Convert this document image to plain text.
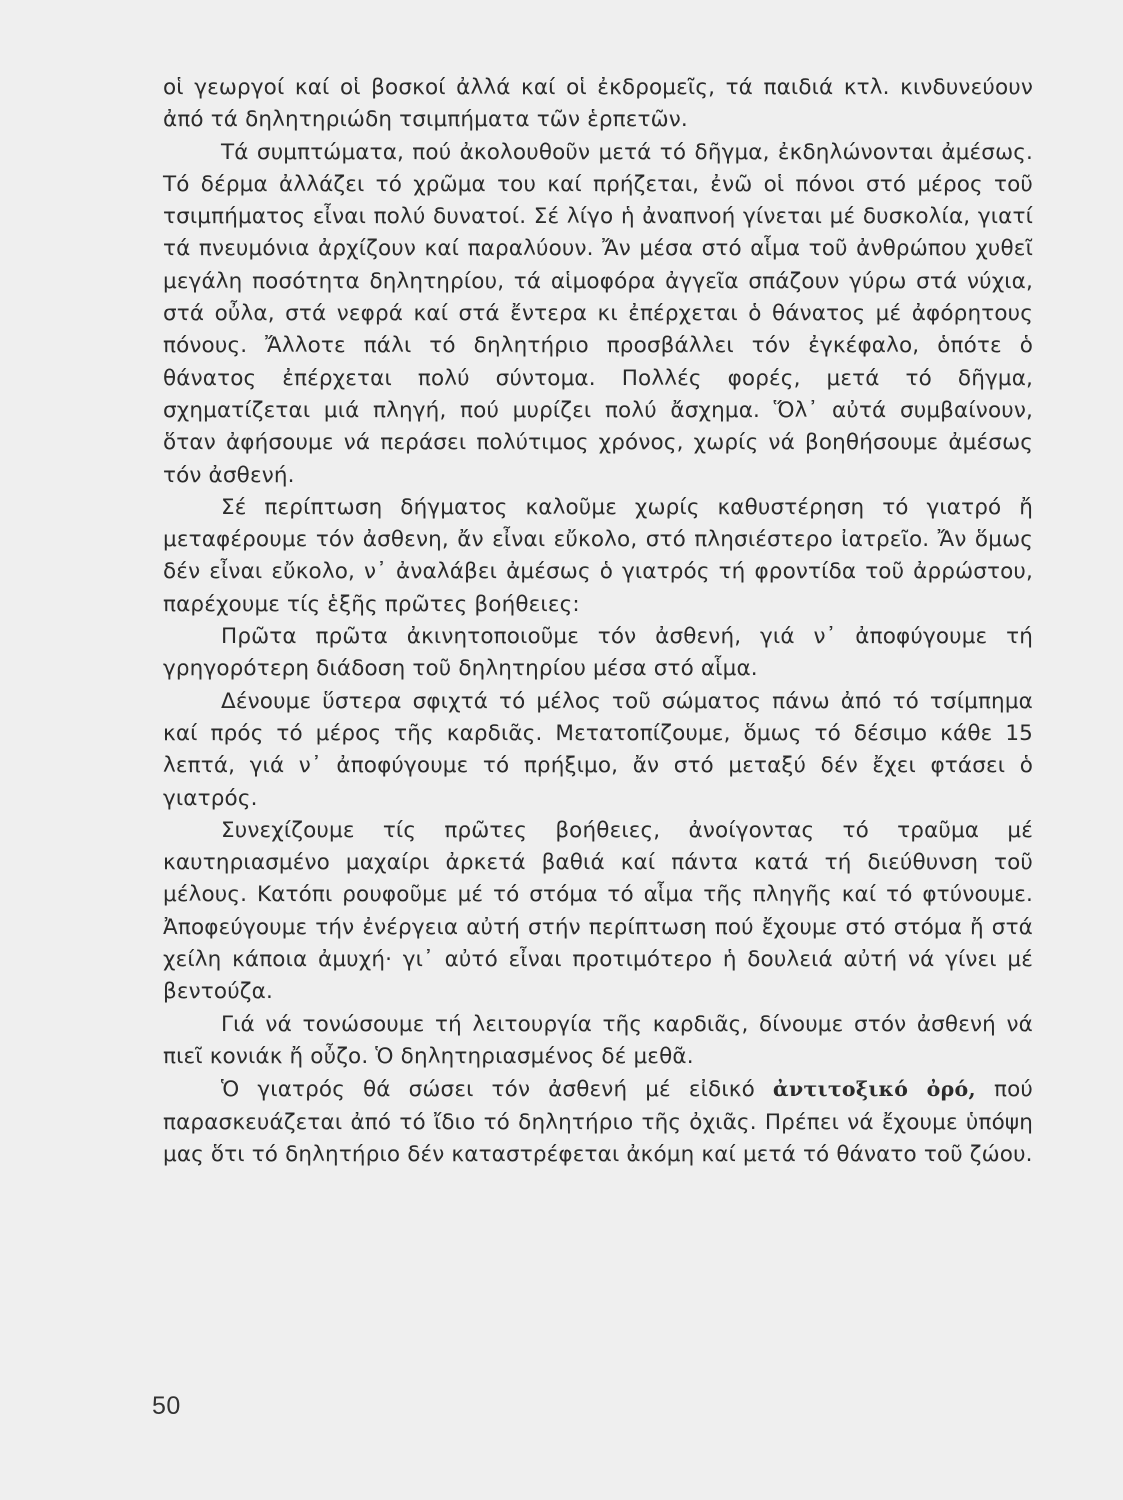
οἱ γεωργοί καί οἱ βοσκοί ἀλλά καί οἱ ἐκδρομεῖς, τά παιδιά κτλ. κινδυνεύουν ἀπό τά δηλητηριώδη τσιμπήματα τῶν ἑρπετῶν.

Τά συμπτώματα, πού ἀκολουθοῦν μετά τό δῆγμα, ἐκδηλώνονται ἀμέσως. Τό δέρμα ἀλλάζει τό χρῶμα του καί πρήζεται, ἐνῶ οἱ πόνοι στό μέρος τοῦ τσιμπήματος εἶναι πολύ δυνατοί. Σέ λίγο ἡ ἀναπνοή γίνεται μέ δυσκολία, γιατί τά πνευμόνια ἀρχίζουν καί παραλύουν. Ἄν μέσα στό αἷμα τοῦ ἀνθρώπου χυθεῖ μεγάλη ποσότητα δηλητηρίου, τά αἱμοφόρα ἀγγεῖα σπάζουν γύρω στά νύχια, στά οὖλα, στά νεφρά καί στά ἔντερα κι ἐπέρχεται ὁ θάνατος μέ ἀφόρητους πόνους. Ἄλλοτε πάλι τό δηλητήριο προσβάλλει τόν ἐγκέφαλο, ὁπότε ὁ θάνατος ἐπέρχεται πολύ σύντομα. Πολλές φορές, μετά τό δῆγμα, σχηματίζεται μιά πληγή, πού μυρίζει πολύ ἄσχημα. Ὅλ᾽ αὐτά συμβαίνουν, ὅταν ἀφήσουμε νά περάσει πολύτιμος χρόνος, χωρίς νά βοηθήσουμε ἀμέσως τόν ἀσθενή.

Σέ περίπτωση δήγματος καλοῦμε χωρίς καθυστέρηση τό γιατρό ἤ μεταφέρουμε τόν ἀσθενη, ἄν εἶναι εὔκολο, στό πλησιέστερο ἰατρεῖο. Ἄν ὅμως δέν εἶναι εὔκολο, ν᾽ ἀναλάβει ἀμέσως ὁ γιατρός τή φροντίδα τοῦ ἀρρώστου, παρέχουμε τίς ἑξῆς πρῶτες βοήθειες:

Πρῶτα πρῶτα ἀκινητοποιοῦμε τόν ἀσθενή, γιά ν᾽ ἀποφύγουμε τή γρηγορότερη διάδοση τοῦ δηλητηρίου μέσα στό αἷμα.

Δένουμε ὕστερα σφιχτά τό μέλος τοῦ σώματος πάνω ἀπό τό τσίμπημα καί πρός τό μέρος τῆς καρδιᾶς. Μετατοπίζουμε, ὅμως τό δέσιμο κάθε 15 λεπτά, γιά ν᾽ ἀποφύγουμε τό πρήξιμο, ἄν στό μεταξύ δέν ἔχει φτάσει ὁ γιατρός.

Συνεχίζουμε τίς πρῶτες βοήθειες, ἀνοίγοντας τό τραῦμα μέ καυτηριασμένο μαχαίρι ἀρκετά βαθιά καί πάντα κατά τή διεύθυνση τοῦ μέλους. Κατόπι ρουφοῦμε μέ τό στόμα τό αἷμα τῆς πληγῆς καί τό φτύνουμε. Ἀποφεύγουμε τήν ἐνέργεια αὐτή στήν περίπτωση πού ἔχουμε στό στόμα ἤ στά χείλη κάποια ἀμυχή· γι᾽ αὐτό εἶναι προτιμότερο ἡ δουλειά αὐτή νά γίνει μέ βεντούζα.

Γιά νά τονώσουμε τή λειτουργία τῆς καρδιᾶς, δίνουμε στόν ἀσθενή νά πιεῖ κονιάκ ἤ οὖζο. Ὁ δηλητηριασμένος δέ μεθᾶ.

Ὁ γιατρός θά σώσει τόν ἀσθενή μέ εἰδικό ἀντιτοξικό ὀρό, πού παρασκευάζεται ἀπό τό ἴδιο τό δηλητήριο τῆς ὀχιᾶς. Πρέπει νά ἔχουμε ὑπόψη μας ὅτι τό δηλητήριο δέν καταστρέφεται ἀκόμη καί μετά τό θάνατο τοῦ ζώου.

50
